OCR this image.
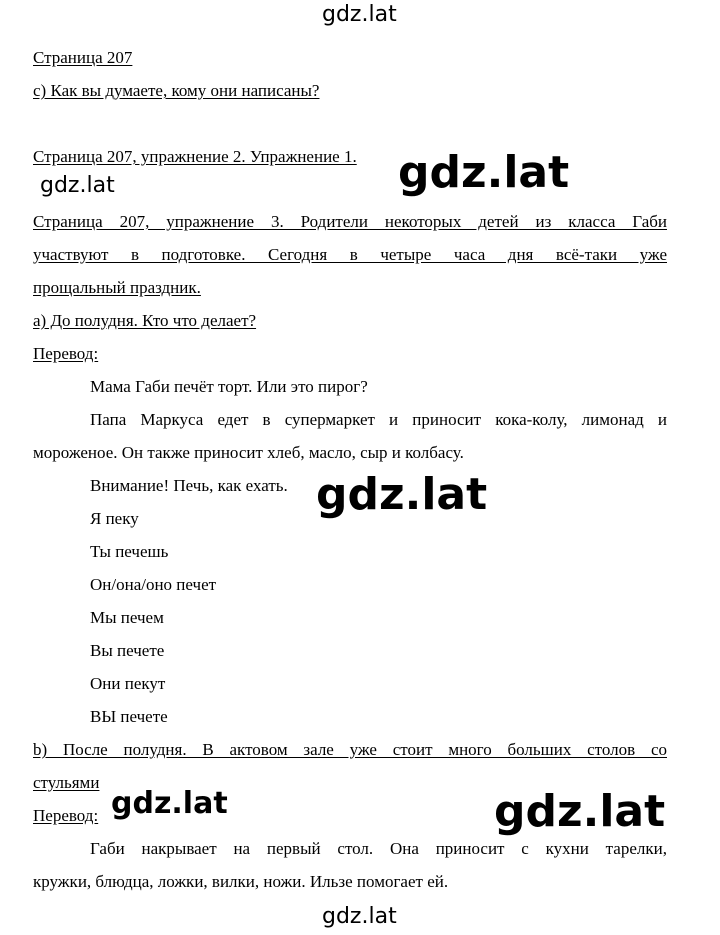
gdz.lat
Страница 207
с) Как вы думаете, кому они написаны?
Страница 207, упражнение 2. Упражнение 1. gdz.lat
gdz.lat
Страница 207, упражнение 3. Родители некоторых детей из класса Габи
участвуют в подготовке. Сегодня в четыре часа дня всё-таки уже
прощальный праздник.
а) До полудня. Кто что делает?
Перевод:
Мама Габи печёт торт. Или это пирог?
Папа Маркуса едет в супермаркет и приносит кока-колу, лимонад и
мороженое. Он также приносит хлеб, масло, сыр и колбасу.
Внимание! Печь, как ехать. gdz.lat
Я пеку
Ты печешь
Он/она/оно печет
Мы печем
Вы печете
Они пекут
ВЫ печете
b) После полудня. В актовом зале уже стоит много больших столов со
стульями
Перевод: gdz.lat	gdz.lat
Габи накрывает на первый стол. Она приносит с кухни тарелки,
кружки, блюдца, ложки, вилки, ножи. Ильзе помогает ей.
gdz.lat
